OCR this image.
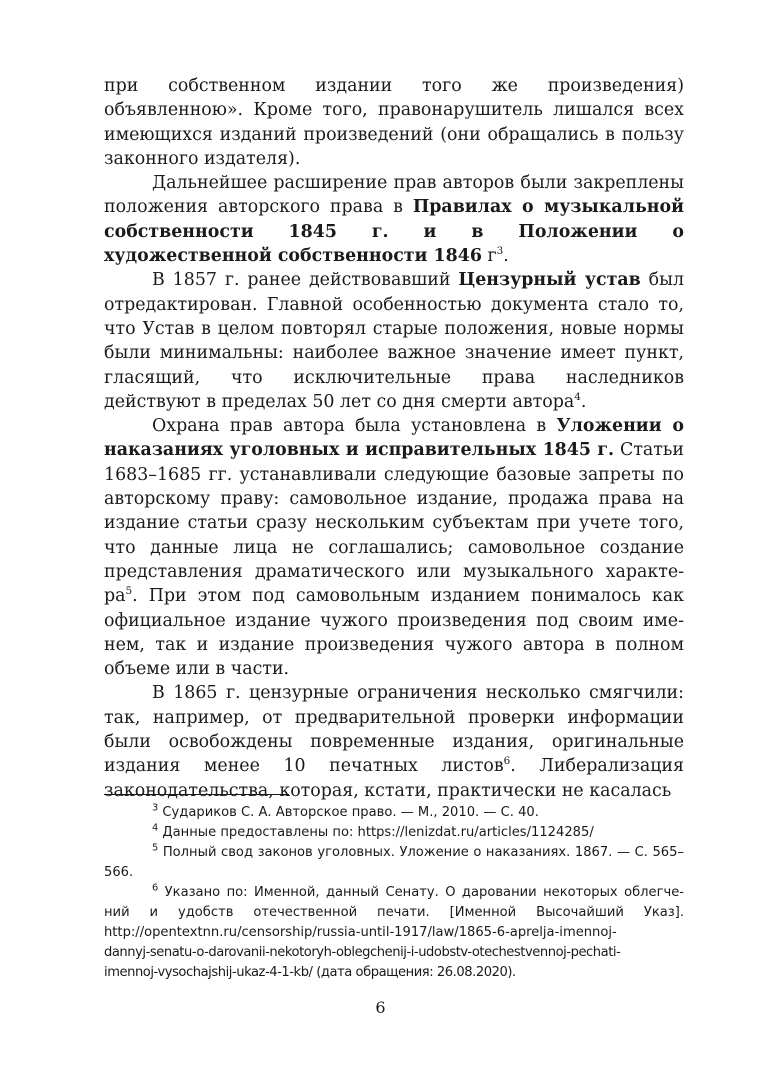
при собственном издании того же произведения) объявленною». Кроме того, правонарушитель лишался всех имеющихся изданий произведений (они обращались в пользу законного издателя).

Дальнейшее расширение прав авторов были закреплены положения авторского права в Правилах о музыкальной собственности 1845 г. и в Положении о художественной собственности 1846 $г^3$.

В 1857 г. ранее действовавший Цензурный устав был отредактирован. Главной особенностью документа стало то, что Устав в целом повторял старые положения, новые нормы были минимальны: наиболее важное значение имеет пункт, гласящий, что исключительные права наследников действуют в пределах 50 лет со дня смерти автора$^4$.

Охрана прав автора была установлена в Уложении о наказаниях уголовных и исправительных 1845 г. Статьи 1683–1685 гг. устанавливали следующие базовые запреты по авторскому праву: самовольное издание, продажа права на издание статьи сразу нескольким субъектам при учете того, что данные лица не соглашались; самовольное создание представления драматического или музыкального характера$^5$. При этом под самовольным изданием понималось как официальное издание чужого произведения под своим именем, так и издание произведения чужого автора в полном объеме или в части.

В 1865 г. цензурные ограничения несколько смягчили: так, например, от предварительной проверки информации были освобождены повременные издания, оригинальные издания менее 10 печатных листов$^6$. Либерализация законодательства, которая, кстати, практически не касалась

$^3$ Судариков С. А. Авторское право. — М., 2010. — С. 40.

$^4$ Данные предоставлены по: https://lenizdat.ru/articles/1124285/

$^5$ Полный свод законов уголовных. Уложение о наказаниях. 1867. — С. 565–566.

$^6$ Указано по: Именной, данный Сенату. О даровании некоторых облегчений и удобств отечественной печати. [Именной Высочайший Указ]. http://opentextnn.ru/censorship/russia-until-1917/law/1865-6-aprelja-imennoj-

dannyj-senatu-o-darovanii-nekotoryh-oblegchenij-i-udobstv-otechestvennoj-pechati-

imennoj-vysochajshij-ukaz-4-1-kb/ (дата обращения: 26.08.2020).

6
